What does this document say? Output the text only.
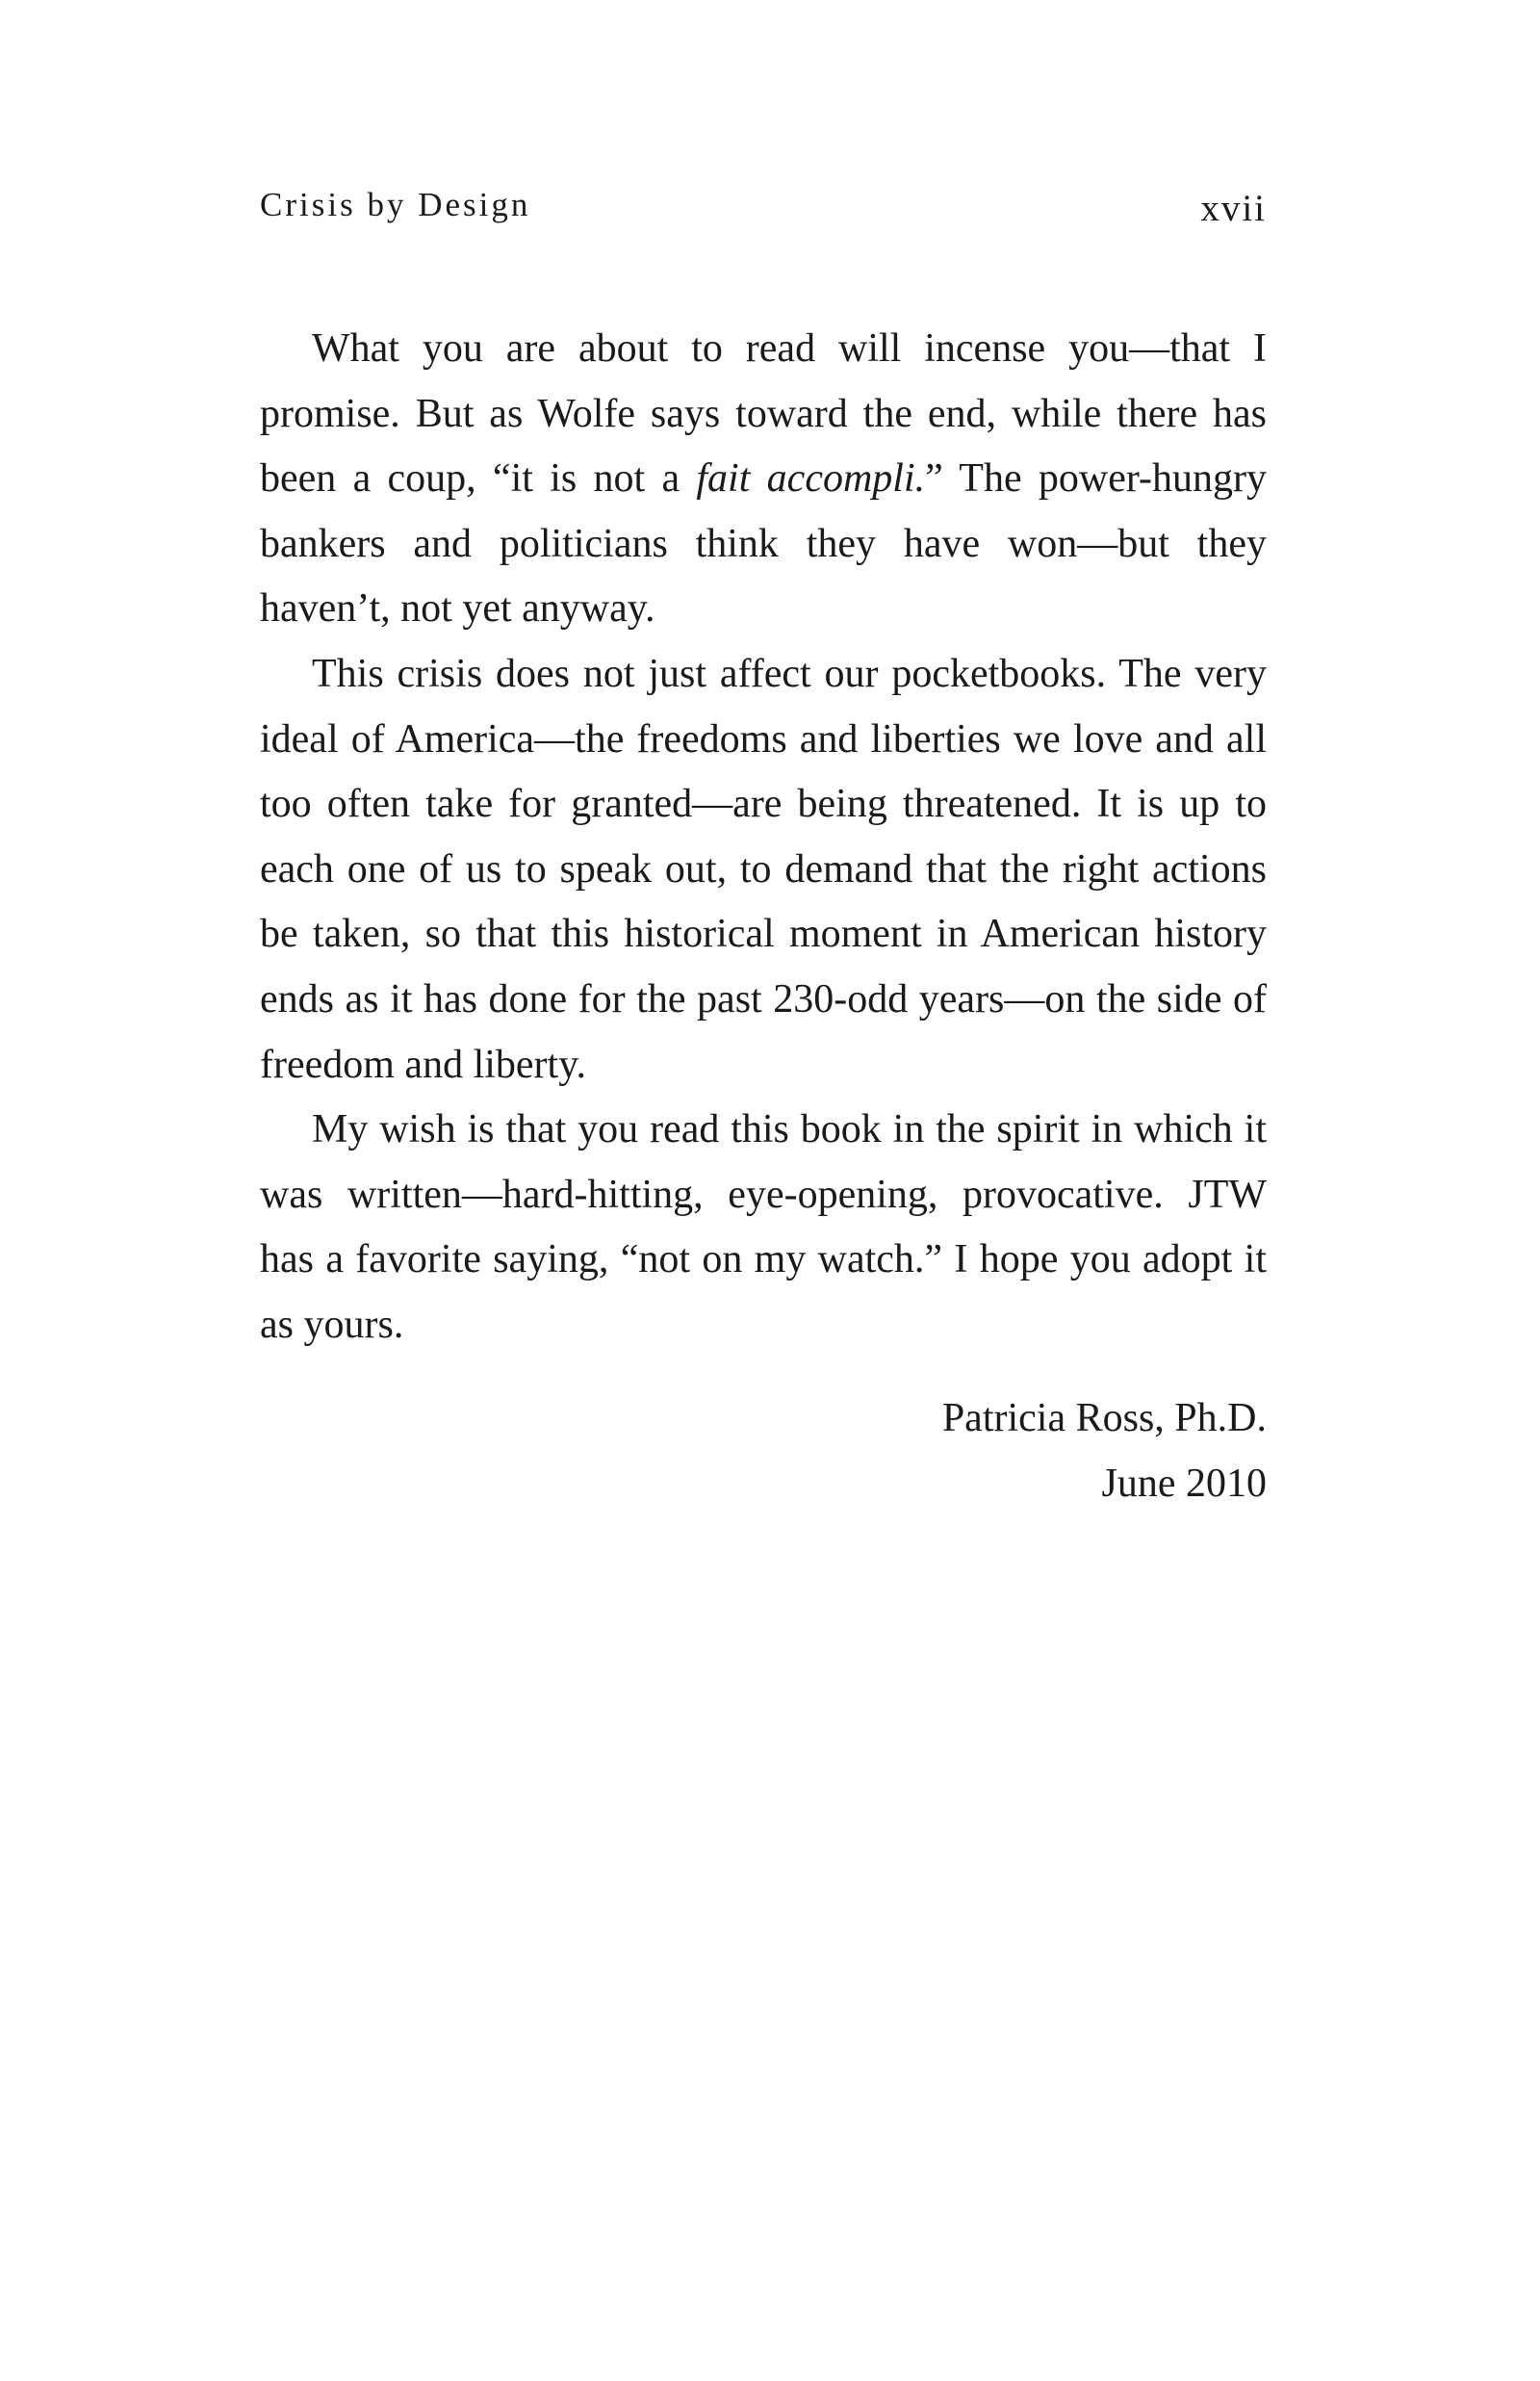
Crisis by Design	xvii

What you are about to read will incense you—that I promise. But as Wolfe says toward the end, while there has been a coup, “it is not a fait accompli.” The power-hungry bankers and politicians think they have won—but they haven’t, not yet anyway.

This crisis does not just affect our pocketbooks. The very ideal of America—the freedoms and liberties we love and all too often take for granted—are being threatened. It is up to each one of us to speak out, to demand that the right actions be taken, so that this historical moment in American history ends as it has done for the past 230-odd years—on the side of freedom and liberty.

My wish is that you read this book in the spirit in which it was written—hard-hitting, eye-opening, provocative. JTW has a favorite saying, “not on my watch.” I hope you adopt it as yours.

Patricia Ross, Ph.D.
June 2010
